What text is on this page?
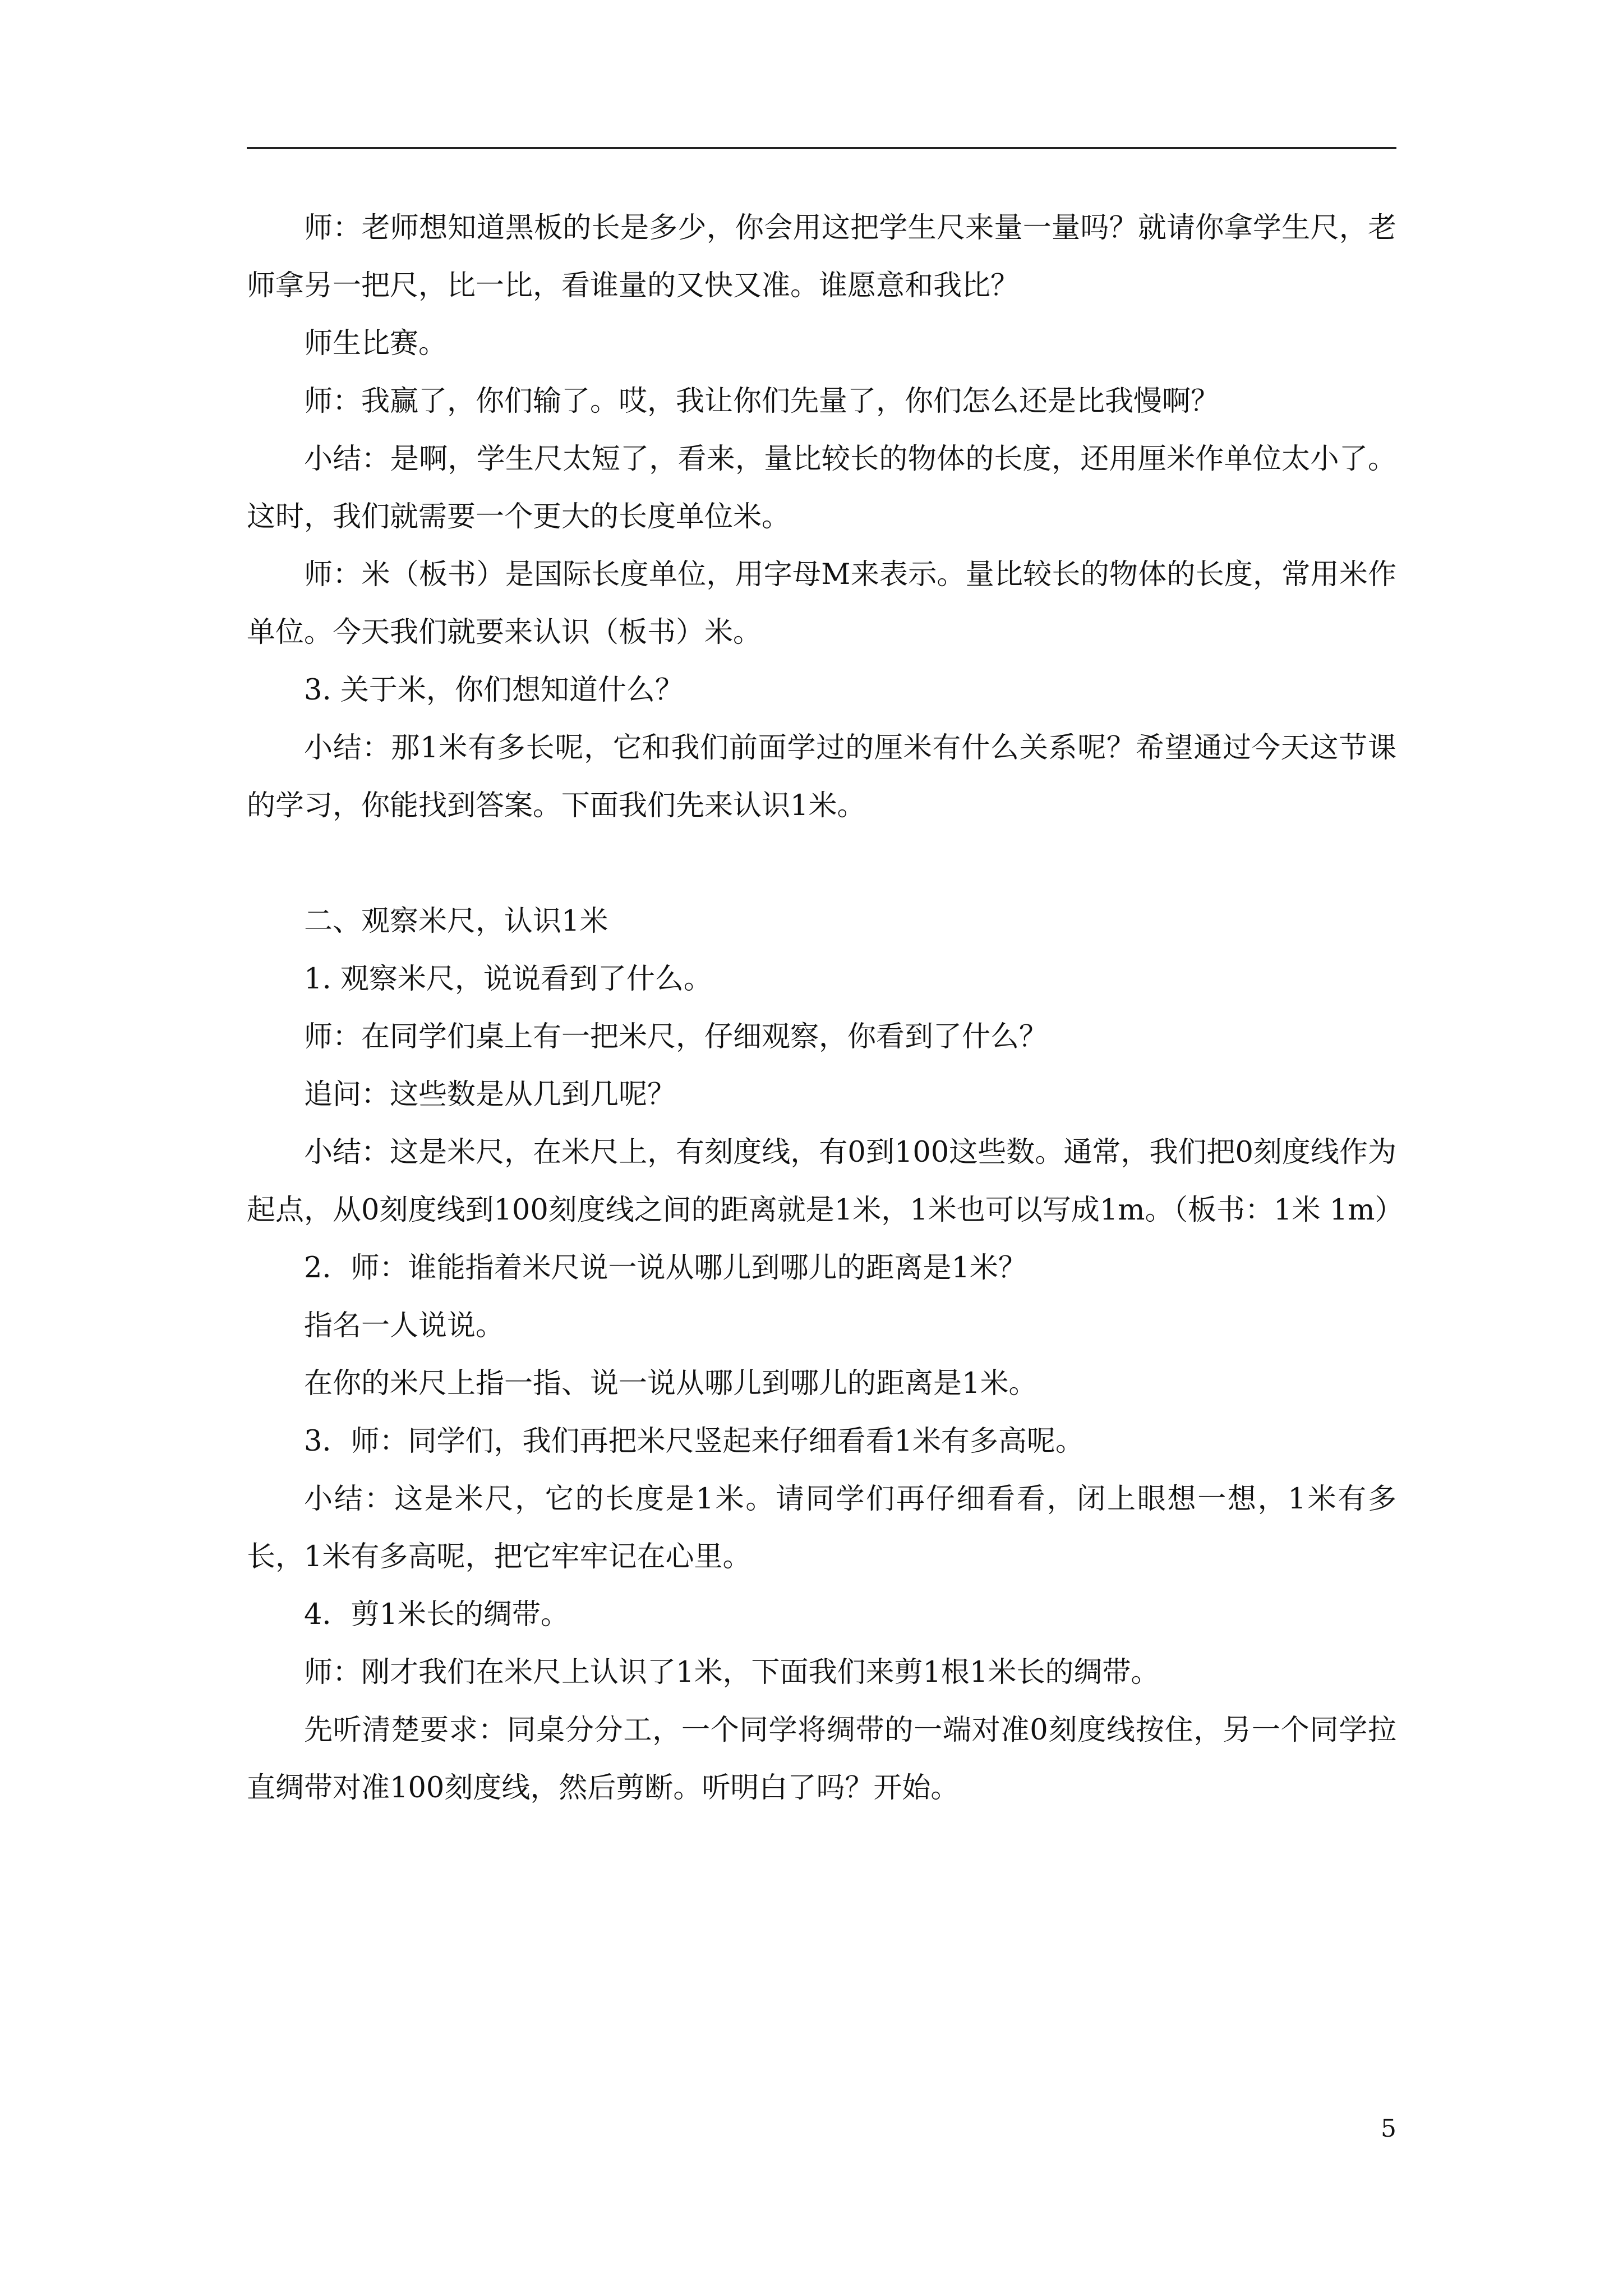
师：老师想知道黑板的长是多少，你会用这把学生尺来量一量吗？就请你拿学生尺，老师拿另一把尺，比一比，看谁量的又快又准。谁愿意和我比？

师生比赛。

师：我赢了，你们输了。哎，我让你们先量了，你们怎么还是比我慢啊？

小结：是啊，学生尺太短了，看来，量比较长的物体的长度，还用厘米作单位太小了。这时，我们就需要一个更大的长度单位米。

师：米（板书）是国际长度单位，用字母M来表示。量比较长的物体的长度，常用米作单位。今天我们就要来认识（板书）米。

3. 关于米，你们想知道什么？

小结：那1米有多长呢，它和我们前面学过的厘米有什么关系呢？希望通过今天这节课的学习，你能找到答案。下面我们先来认识1米。

二、观察米尺，认识1米

1. 观察米尺，说说看到了什么。

师：在同学们桌上有一把米尺，仔细观察，你看到了什么？

追问：这些数是从几到几呢？

小结：这是米尺，在米尺上，有刻度线，有0到100这些数。通常，我们把0刻度线作为起点，从0刻度线到100刻度线之间的距离就是1米，1米也可以写成1m。（板书：1米 1m）

2．师：谁能指着米尺说一说从哪儿到哪儿的距离是1米？

指名一人说说。

在你的米尺上指一指、说一说从哪儿到哪儿的距离是1米。

3．师：同学们，我们再把米尺竖起来仔细看看1米有多高呢。

小结：这是米尺，它的长度是1米。请同学们再仔细看看，闭上眼想一想，1米有多长，1米有多高呢，把它牢牢记在心里。

4．剪1米长的绸带。

师：刚才我们在米尺上认识了1米，下面我们来剪1根1米长的绸带。

先听清楚要求：同桌分分工，一个同学将绸带的一端对准0刻度线按住，另一个同学拉直绸带对准100刻度线，然后剪断。听明白了吗？开始。

5
